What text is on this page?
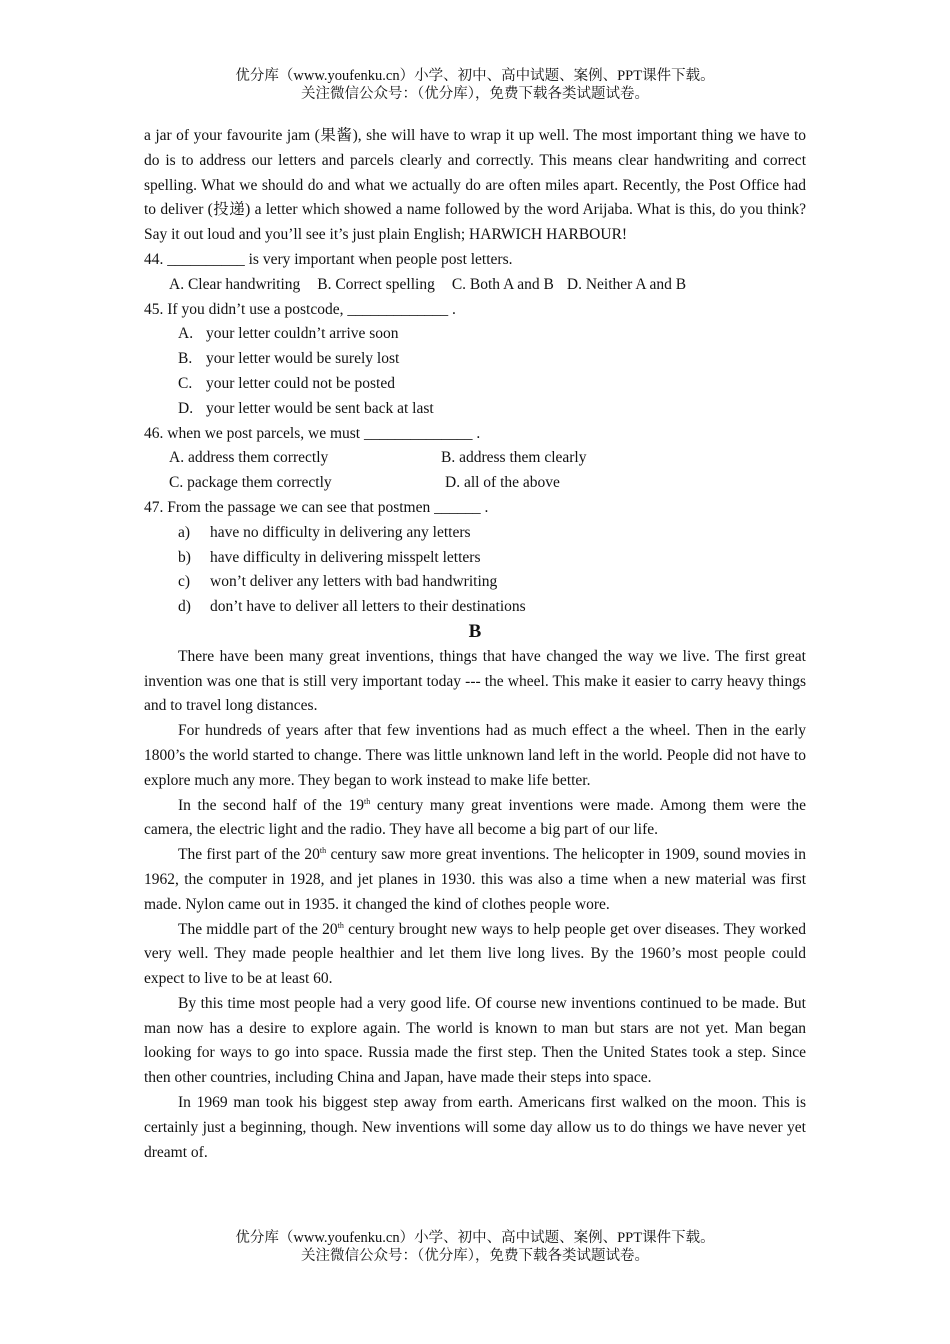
优分库（www.youfenku.cn）小学、初中、高中试题、案例、PPT课件下载。
关注微信公众号：（优分库），免费下载各类试题试卷。

a jar of your favourite jam (果酱), she will have to wrap it up well. The most important thing we have to do is to address our letters and parcels clearly and correctly. This means clear handwriting and correct spelling. What we should do and what we actually do are often miles apart. Recently, the Post Office had to deliver (投递) a letter which showed a name followed by the word Arijaba. What is this, do you think? Say it out loud and you’ll see it’s just plain English; HARWICH HARBOUR!

44. __________ is very important when people post letters.

A. Clear handwriting B. Correct spelling C. Both A and B D. Neither A and B

45. If you didn’t use a postcode, _____________ .

A. your letter couldn’t arrive soon

B. your letter would be surely lost

C. your letter could not be posted

D. your letter would be sent back at last

46. when we post parcels, we must ______________ .

A. address them correctly	B. address them clearly

C. package them correctly	D. all of the above

47. From the passage we can see that postmen ______ .

a) have no difficulty in delivering any letters

b) have difficulty in delivering misspelt letters

c) won’t deliver any letters with bad handwriting

d) don’t have to deliver all letters to their destinations

B

There have been many great inventions, things that have changed the way we live. The first great invention was one that is still very important today --- the wheel. This make it easier to carry heavy things and to travel long distances.

For hundreds of years after that few inventions had as much effect a the wheel. Then in the early 1800’s the world started to change. There was little unknown land left in the world. People did not have to explore much any more. They began to work instead to make life better.

In the second half of the 19th century many great inventions were made. Among them were the camera, the electric light and the radio. They have all become a big part of our life.

The first part of the 20th century saw more great inventions. The helicopter in 1909, sound movies in 1962, the computer in 1928, and jet planes in 1930. this was also a time when a new material was first made. Nylon came out in 1935. it changed the kind of clothes people wore.

The middle part of the 20th century brought new ways to help people get over diseases. They worked very well. They made people healthier and let them live long lives. By the 1960’s most people could expect to live to be at least 60.

By this time most people had a very good life. Of course new inventions continued to be made. But man now has a desire to explore again. The world is known to man but stars are not yet. Man began looking for ways to go into space. Russia made the first step. Then the United States took a step. Since then other countries, including China and Japan, have made their steps into space.

In 1969 man took his biggest step away from earth. Americans first walked on the moon. This is certainly just a beginning, though. New inventions will some day allow us to do things we have never yet dreamt of.

优分库（www.youfenku.cn）小学、初中、高中试题、案例、PPT课件下载。
关注微信公众号：（优分库），免费下载各类试题试卷。
